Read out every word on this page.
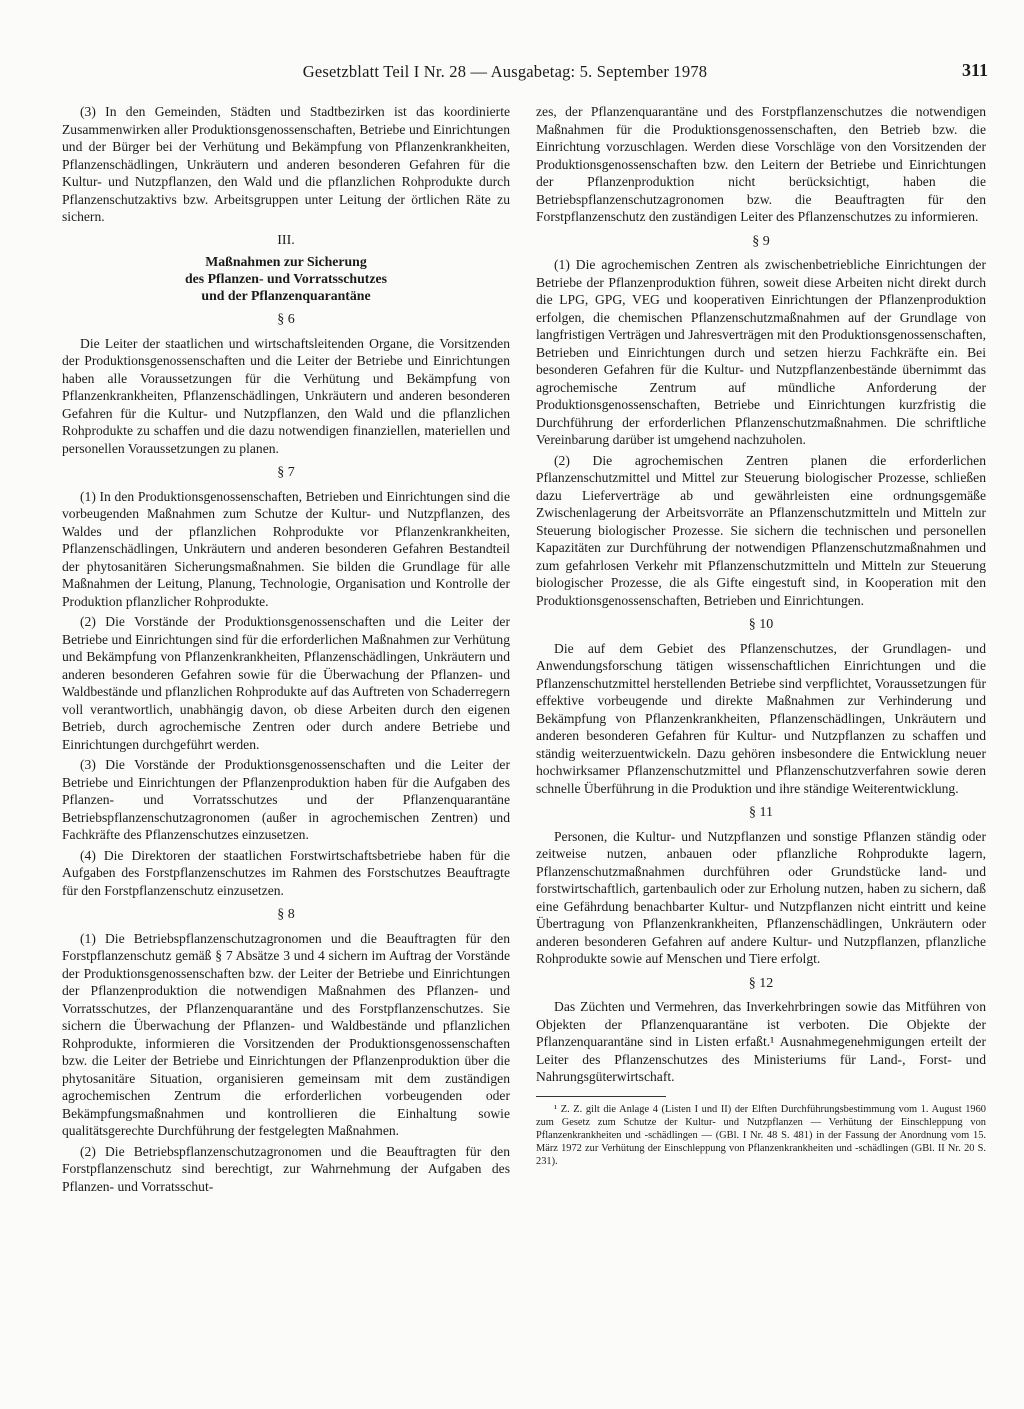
Gesetzblatt Teil I Nr. 28 — Ausgabetag: 5. September 1978	311

(3) In den Gemeinden, Städten und Stadtbezirken ist das koordinierte Zusammenwirken aller Produktionsgenossenschaften, Betriebe und Einrichtungen und der Bürger bei der Verhütung und Bekämpfung von Pflanzenkrankheiten, Pflanzenschädlingen, Unkräutern und anderen besonderen Gefahren für die Kultur- und Nutzpflanzen, den Wald und die pflanzlichen Rohprodukte durch Pflanzenschutzaktivs bzw. Arbeitsgruppen unter Leitung der örtlichen Räte zu sichern.

III.
Maßnahmen zur Sicherung
des Pflanzen- und Vorratsschutzes
und der Pflanzenquarantäne
§ 6

Die Leiter der staatlichen und wirtschaftsleitenden Organe, die Vorsitzenden der Produktionsgenossenschaften und die Leiter der Betriebe und Einrichtungen haben alle Voraussetzungen für die Verhütung und Bekämpfung von Pflanzenkrankheiten, Pflanzenschädlingen, Unkräutern und anderen besonderen Gefahren für die Kultur- und Nutzpflanzen, den Wald und die pflanzlichen Rohprodukte zu schaffen und die dazu notwendigen finanziellen, materiellen und personellen Voraussetzungen zu planen.

§ 7

(1) In den Produktionsgenossenschaften, Betrieben und Einrichtungen sind die vorbeugenden Maßnahmen zum Schutze der Kultur- und Nutzpflanzen, des Waldes und der pflanzlichen Rohprodukte vor Pflanzenkrankheiten, Pflanzenschädlingen, Unkräutern und anderen besonderen Gefahren Bestandteil der phytosanitären Sicherungsmaßnahmen. Sie bilden die Grundlage für alle Maßnahmen der Leitung, Planung, Technologie, Organisation und Kontrolle der Produktion pflanzlicher Rohprodukte.

(2) Die Vorstände der Produktionsgenossenschaften und die Leiter der Betriebe und Einrichtungen sind für die erforderlichen Maßnahmen zur Verhütung und Bekämpfung von Pflanzenkrankheiten, Pflanzenschädlingen, Unkräutern und anderen besonderen Gefahren sowie für die Überwachung der Pflanzen- und Waldbestände und pflanzlichen Rohprodukte auf das Auftreten von Schaderregern voll verantwortlich, unabhängig davon, ob diese Arbeiten durch den eigenen Betrieb, durch agrochemische Zentren oder durch andere Betriebe und Einrichtungen durchgeführt werden.

(3) Die Vorstände der Produktionsgenossenschaften und die Leiter der Betriebe und Einrichtungen der Pflanzenproduktion haben für die Aufgaben des Pflanzen- und Vorratsschutzes und der Pflanzenquarantäne Betriebspflanzenschutzagronomen (außer in agrochemischen Zentren) und Fachkräfte des Pflanzenschutzes einzusetzen.

(4) Die Direktoren der staatlichen Forstwirtschaftsbetriebe haben für die Aufgaben des Forstpflanzenschutzes im Rahmen des Forstschutzes Beauftragte für den Forstpflanzenschutz einzusetzen.

§ 8

(1) Die Betriebspflanzenschutzagronomen und die Beauftragten für den Forstpflanzenschutz gemäß § 7 Absätze 3 und 4 sichern im Auftrag der Vorstände der Produktionsgenossenschaften bzw. der Leiter der Betriebe und Einrichtungen der Pflanzenproduktion die notwendigen Maßnahmen des Pflanzen- und Vorratsschutzes, der Pflanzenquarantäne und des Forstpflanzenschutzes. Sie sichern die Überwachung der Pflanzen- und Waldbestände und pflanzlichen Rohprodukte, informieren die Vorsitzenden der Produktionsgenossenschaften bzw. die Leiter der Betriebe und Einrichtungen der Pflanzenproduktion über die phytosanitäre Situation, organisieren gemeinsam mit dem zuständigen agrochemischen Zentrum die erforderlichen vorbeugenden oder Bekämpfungsmaßnahmen und kontrollieren die Einhaltung sowie qualitätsgerechte Durchführung der festgelegten Maßnahmen.

(2) Die Betriebspflanzenschutzagronomen und die Beauftragten für den Forstpflanzenschutz sind berechtigt, zur Wahrnehmung der Aufgaben des Pflanzen- und Vorratsschut-

zes, der Pflanzenquarantäne und des Forstpflanzenschutzes die notwendigen Maßnahmen für die Produktionsgenossenschaften, den Betrieb bzw. die Einrichtung vorzuschlagen. Werden diese Vorschläge von den Vorsitzenden der Produktionsgenossenschaften bzw. den Leitern der Betriebe und Einrichtungen der Pflanzenproduktion nicht berücksichtigt, haben die Betriebspflanzenschutzagronomen bzw. die Beauftragten für den Forstpflanzenschutz den zuständigen Leiter des Pflanzenschutzes zu informieren.

§ 9

(1) Die agrochemischen Zentren als zwischenbetriebliche Einrichtungen der Betriebe der Pflanzenproduktion führen, soweit diese Arbeiten nicht direkt durch die LPG, GPG, VEG und kooperativen Einrichtungen der Pflanzenproduktion erfolgen, die chemischen Pflanzenschutzmaßnahmen auf der Grundlage von langfristigen Verträgen und Jahresverträgen mit den Produktionsgenossenschaften, Betrieben und Einrichtungen durch und setzen hierzu Fachkräfte ein. Bei besonderen Gefahren für die Kultur- und Nutzpflanzenbestände übernimmt das agrochemische Zentrum auf mündliche Anforderung der Produktionsgenossenschaften, Betriebe und Einrichtungen kurzfristig die Durchführung der erforderlichen Pflanzenschutzmaßnahmen. Die schriftliche Vereinbarung darüber ist umgehend nachzuholen.

(2) Die agrochemischen Zentren planen die erforderlichen Pflanzenschutzmittel und Mittel zur Steuerung biologischer Prozesse, schließen dazu Lieferverträge ab und gewährleisten eine ordnungsgemäße Zwischenlagerung der Arbeitsvorräte an Pflanzenschutzmitteln und Mitteln zur Steuerung biologischer Prozesse. Sie sichern die technischen und personellen Kapazitäten zur Durchführung der notwendigen Pflanzenschutzmaßnahmen und zum gefahrlosen Verkehr mit Pflanzenschutzmitteln und Mitteln zur Steuerung biologischer Prozesse, die als Gifte eingestuft sind, in Kooperation mit den Produktionsgenossenschaften, Betrieben und Einrichtungen.

§ 10

Die auf dem Gebiet des Pflanzenschutzes, der Grundlagen- und Anwendungsforschung tätigen wissenschaftlichen Einrichtungen und die Pflanzenschutzmittel herstellenden Betriebe sind verpflichtet, Voraussetzungen für effektive vorbeugende und direkte Maßnahmen zur Verhinderung und Bekämpfung von Pflanzenkrankheiten, Pflanzenschädlingen, Unkräutern und anderen besonderen Gefahren für Kultur- und Nutzpflanzen zu schaffen und ständig weiterzuentwickeln. Dazu gehören insbesondere die Entwicklung neuer hochwirksamer Pflanzenschutzmittel und Pflanzenschutzverfahren sowie deren schnelle Überführung in die Produktion und ihre ständige Weiterentwicklung.

§ 11

Personen, die Kultur- und Nutzpflanzen und sonstige Pflanzen ständig oder zeitweise nutzen, anbauen oder pflanzliche Rohprodukte lagern, Pflanzenschutzmaßnahmen durchführen oder Grundstücke land- und forstwirtschaftlich, gartenbaulich oder zur Erholung nutzen, haben zu sichern, daß eine Gefährdung benachbarter Kultur- und Nutzpflanzen nicht eintritt und keine Übertragung von Pflanzenkrankheiten, Pflanzenschädlingen, Unkräutern oder anderen besonderen Gefahren auf andere Kultur- und Nutzpflanzen, pflanzliche Rohprodukte sowie auf Menschen und Tiere erfolgt.

§ 12

Das Züchten und Vermehren, das Inverkehrbringen sowie das Mitführen von Objekten der Pflanzenquarantäne ist verboten. Die Objekte der Pflanzenquarantäne sind in Listen erfaßt.¹ Ausnahmegenehmigungen erteilt der Leiter des Pflanzenschutzes des Ministeriums für Land-, Forst- und Nahrungsgüterwirtschaft.

¹ Z. Z. gilt die Anlage 4 (Listen I und II) der Elften Durchführungsbestimmung vom 1. August 1960 zum Gesetz zum Schutze der Kultur- und Nutzpflanzen — Verhütung der Einschleppung von Pflanzenkrankheiten und -schädlingen — (GBl. I Nr. 48 S. 481) in der Fassung der Anordnung vom 15. März 1972 zur Verhütung der Einschleppung von Pflanzenkrankheiten und -schädlingen (GBl. II Nr. 20 S. 231).
